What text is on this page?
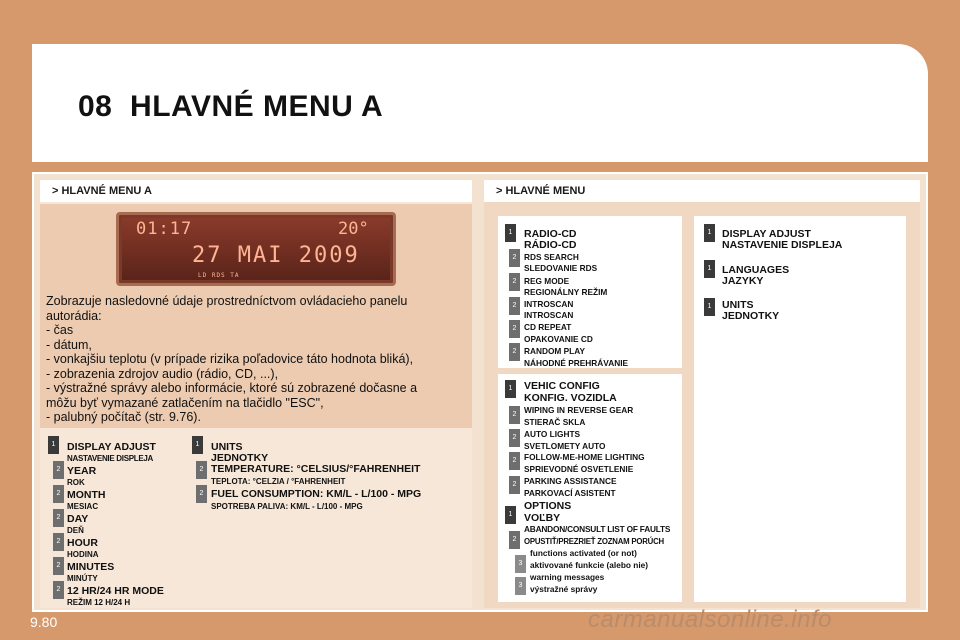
08 HLAVNÉ MENU A
> HLAVNÉ MENU A	> HLAVNÉ MENU
01:17	20°
27 MAI 2009
LD RDS TA
Zobrazuje nasledovné údaje prostredníctvom ovládacieho panelu
autorádia:
- čas
- dátum,
- vonkajšiu teplotu (v prípade rizika poľadovice táto hodnota bliká),
- zobrazenia zdrojov audio (rádio, CD, ...),
- výstražné správy alebo informácie, ktoré sú zobrazené dočasne a
môžu byť vymazané zatlačením na tlačidlo "ESC",
- palubný počítač (str. 9.76).
1	DISPLAY ADJUST
NASTAVENIE DISPLEJA
2 YEAR
ROK
2 MONTH
MESIAC
2 DAY
DEŇ
2 HOUR
HODINA
2 MINUTES
MINÚTY
2 12 HR/24 HR MODE
REŽIM 12 H/24 H
1	UNITS
JEDNOTKY
2 TEMPERATURE: °CELSIUS/°FAHRENHEIT
TEPLOTA: °CELZIA / °FAHRENHEIT
2 FUEL CONSUMPTION: KM/L - L/100 - MPG
SPOTREBA PALIVA: KM/L - L/100 - MPG
1	RADIO-CD
RÁDIO-CD
2 RDS SEARCH
SLEDOVANIE RDS
2 REG MODE
REGIONÁLNY REŽIM
2 INTROSCAN
INTROSCAN
2 CD REPEAT
OPAKOVANIE CD
2 RANDOM PLAY
NÁHODNÉ PREHRÁVANIE
1	VEHIC CONFIG
KONFIG. VOZIDLA
2 WIPING IN REVERSE GEAR
STIERAČ SKLA
2 AUTO LIGHTS
SVETLOMETY AUTO
2 FOLLOW-ME-HOME LIGHTING
SPRIEVODNÉ OSVETLENIE
2 PARKING ASSISTANCE
PARKOVACÍ ASISTENT
1
OPTIONS
VOĽBY
2
ABANDON/CONSULT LIST OF FAULTS
OPUSTIŤ/PREZRIEŤ ZOZNAM PORÚCH
3
functions activated (or not)
aktivované funkcie (alebo nie)
3
warning messages
výstražné správy
1	DISPLAY ADJUST
NASTAVENIE DISPLEJA
1	LANGUAGES
JAZYKY
1	UNITS
JEDNOTKY
9.80	carmanualsonline.info
